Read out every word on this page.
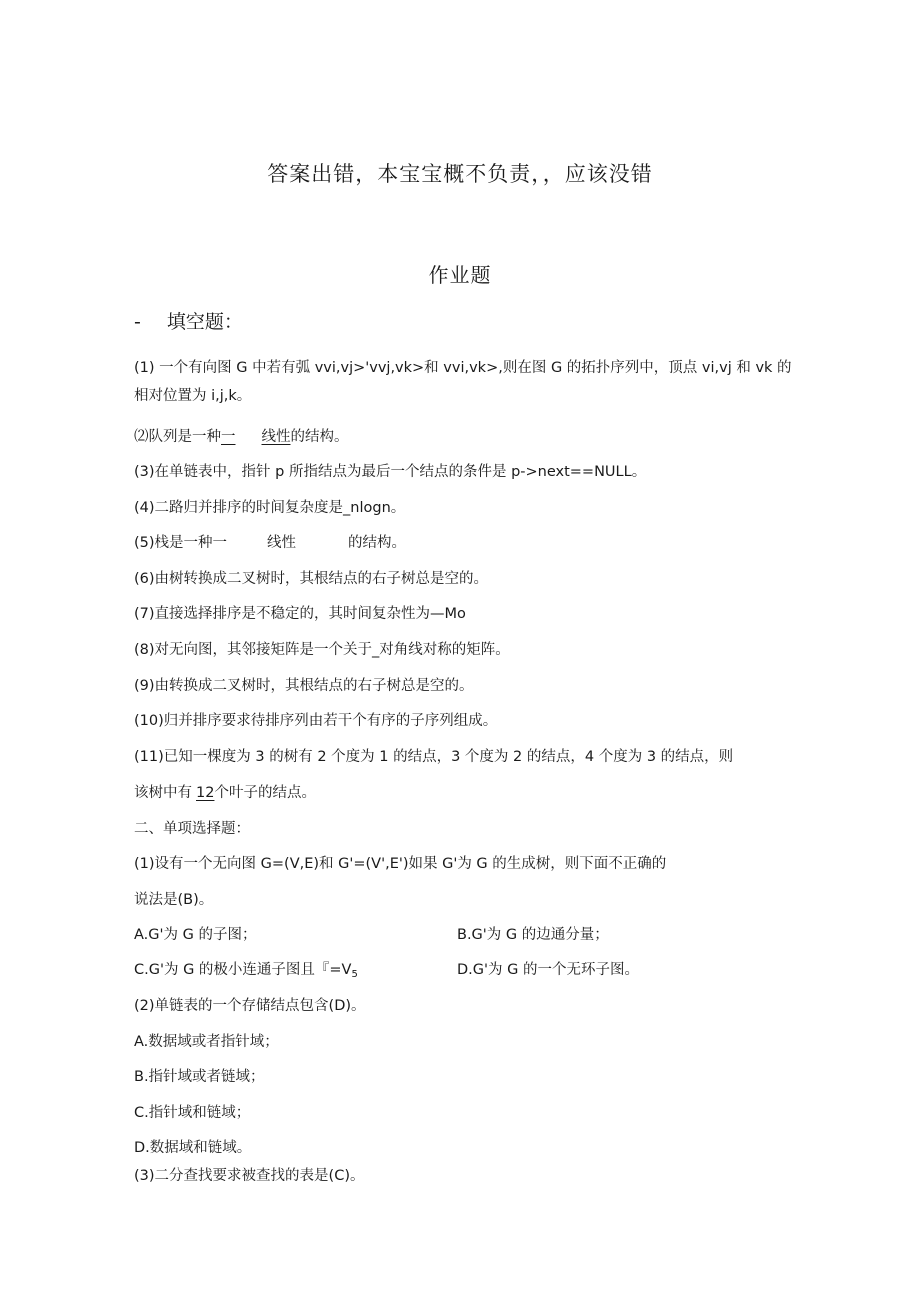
答案出错，本宝宝概不负责，，应该没错
作业题
- 填空题：
(1) 一个有向图 G 中若有弧 vvi,vj>'vvj,vk>和 vvi,vk>,则在图 G 的拓扑序列中，顶点 vi,vj 和 vk 的
相对位置为 i,j,k。
⑵队列是一种一 线性的结构。
(3)在单链表中，指针 p 所指结点为最后一个结点的条件是 p->next==NULL。
(4)二路归并排序的时间复杂度是_nlogn。
(5)栈是一种一	线性	的结构。
(6)由树转换成二叉树时，其根结点的右子树总是空的。
(7)直接选择排序是不稳定的，其时间复杂性为—Mo
(8)对无向图，其邻接矩阵是一个关于_对角线对称的矩阵。
(9)由转换成二叉树时，其根结点的右子树总是空的。
(10)归并排序要求待排序列由若干个有序的子序列组成。
(11)已知一棵度为 3 的树有 2 个度为 1 的结点，3 个度为 2 的结点，4 个度为 3 的结点，则
该树中有 12个叶子的结点。
二、单项选择题：
(1)设有一个无向图 G=(V,E)和 G'=(V',E')如果 G'为 G 的生成树，则下面不正确的
说法是(B)。
A.G'为 G 的子图；	B.G'为 G 的边通分量；
C.G'为 G 的极小连通子图且『$=V_5$	D.G'为 G 的一个无环子图。
(2)单链表的一个存储结点包含(D)。
A.数据域或者指针域；
B.指针域或者链域；
C.指针域和链域；
D.数据域和链域。
(3)二分查找要求被查找的表是(C)。
